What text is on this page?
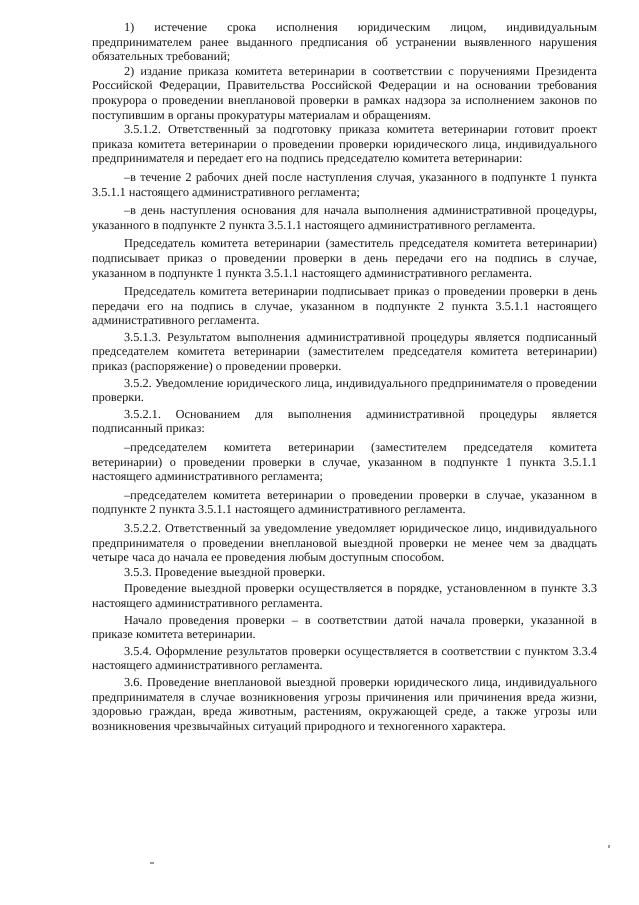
1) истечение срока исполнения юридическим лицом, индивидуальным предпринимателем ранее выданного предписания об устранении выявленного нарушения обязательных требований;

2) издание приказа комитета ветеринарии в соответствии с поручениями Президента Российской Федерации, Правительства Российской Федерации и на основании требования прокурора о проведении внеплановой проверки в рамках надзора за исполнением законов по поступившим в органы прокуратуры материалам и обращениям.

3.5.1.2. Ответственный за подготовку приказа комитета ветеринарии готовит проект приказа комитета ветеринарии о проведении проверки юридического лица, индивидуального предпринимателя и передает его на подпись председателю комитета ветеринарии:

–в течение 2 рабочих дней после наступления случая, указанного в подпункте 1 пункта 3.5.1.1 настоящего административного регламента;

–в день наступления основания для начала выполнения административной процедуры, указанного в подпункте 2 пункта 3.5.1.1 настоящего административного регламента.

Председатель комитета ветеринарии (заместитель председателя комитета ветеринарии) подписывает приказ о проведении проверки в день передачи его на подпись в случае, указанном в подпункте 1 пункта 3.5.1.1 настоящего административного регламента.

Председатель комитета ветеринарии подписывает приказ о проведении проверки в день передачи его на подпись в случае, указанном в подпункте 2 пункта 3.5.1.1 настоящего административного регламента.

3.5.1.3. Результатом выполнения административной процедуры является подписанный председателем комитета ветеринарии (заместителем председателя комитета ветеринарии) приказ (распоряжение) о проведении проверки.

3.5.2. Уведомление юридического лица, индивидуального предпринимателя о проведении проверки.

3.5.2.1. Основанием для выполнения административной процедуры является подписанный приказ:

–председателем комитета ветеринарии (заместителем председателя комитета ветеринарии) о проведении проверки в случае, указанном в подпункте 1 пункта 3.5.1.1 настоящего административного регламента;

–председателем комитета ветеринарии о проведении проверки в случае, указанном в подпункте 2 пункта 3.5.1.1 настоящего административного регламента.

3.5.2.2. Ответственный за уведомление уведомляет юридическое лицо, индивидуального предпринимателя о проведении внеплановой выездной проверки не менее чем за двадцать четыре часа до начала ее проведения любым доступным способом.

3.5.3. Проведение выездной проверки.

Проведение выездной проверки осуществляется в порядке, установленном в пункте 3.3 настоящего административного регламента.

Начало проведения проверки – в соответствии датой начала проверки, указанной в приказе комитета ветеринарии.

3.5.4. Оформление результатов проверки осуществляется в соответствии с пунктом 3.3.4 настоящего административного регламента.

3.6. Проведение внеплановой выездной проверки юридического лица, индивидуального предпринимателя в случае возникновения угрозы причинения или причинения вреда жизни, здоровью граждан, вреда животным, растениям, окружающей среде, а также угрозы или возникновения чрезвычайных ситуаций природного и техногенного характера.
